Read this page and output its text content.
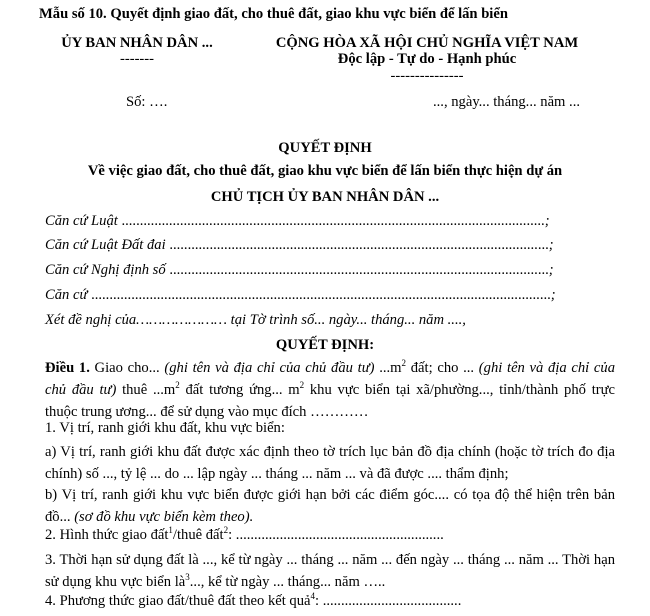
Mẫu số 10. Quyết định giao đất, cho thuê đất, giao khu vực biển để lấn biển
ỦY BAN NHÂN DÂN ...
-------
CỘNG HÒA XÃ HỘI CHỦ NGHĨA VIỆT NAM
Độc lập - Tự do - Hạnh phúc
---------------
Số: ….	..., ngày... tháng... năm ...
QUYẾT ĐỊNH
Về việc giao đất, cho thuê đất, giao khu vực biển để lấn biển thực hiện dự án
CHỦ TỊCH ỦY BAN NHÂN DÂN ...
Căn cứ Luật ....................................................................................................................;
Căn cứ Luật Đất đai ........................................................................................................;
Căn cứ Nghị định số ........................................................................................................;
Căn cứ ..............................................................................................................................;
Xét đề nghị của………………… tại Tờ trình số... ngày... tháng... năm ....,
QUYẾT ĐỊNH:
Điều 1. Giao cho... (ghi tên và địa chỉ của chủ đầu tư) $...m^2$ đất; cho ... (ghi tên và địa chỉ của chủ đầu tư) thuê $...m^2$ đất tương ứng... $m^2$ khu vực biển tại xã/phường..., tỉnh/thành phố trực thuộc trung ương... để sử dụng vào mục đích …………
1. Vị trí, ranh giới khu đất, khu vực biển:
a) Vị trí, ranh giới khu đất được xác định theo tờ trích lục bản đồ địa chính (hoặc tờ trích đo địa chính) số ..., tỷ lệ ... do ... lập ngày ... tháng ... năm ... và đã được .... thẩm định;
b) Vị trí, ranh giới khu vực biển được giới hạn bởi các điểm góc.... có tọa độ thể hiện trên bản đồ... (sơ đồ khu vực biển kèm theo).
2. Hình thức giao đất$^1$/thuê đất$^2$: .........................................................
3. Thời hạn sử dụng đất là ..., kể từ ngày ... tháng ... năm ... đến ngày ... tháng ... năm ... Thời hạn sử dụng khu vực biển $là^3$..., kể từ ngày ... tháng... năm …..
4. Phương thức giao đất/thuê đất theo kết quả$^4$: ......................................
